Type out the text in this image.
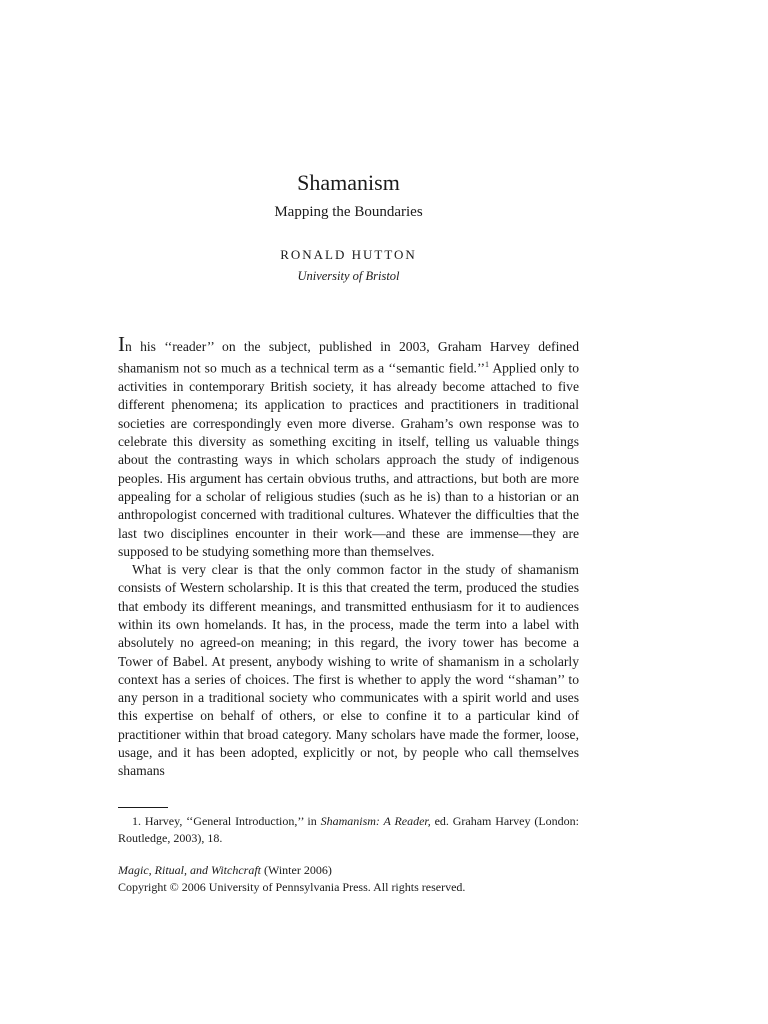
Shamanism
Mapping the Boundaries
RONALD HUTTON
University of Bristol

In his ‘‘reader’’ on the subject, published in 2003, Graham Harvey defined shamanism not so much as a technical term as a ‘‘semantic field.’’$^1$ Applied only to activities in contemporary British society, it has already become attached to five different phenomena; its application to practices and practitioners in traditional societies are correspondingly even more diverse. Graham’s own response was to celebrate this diversity as something exciting in itself, telling us valuable things about the contrasting ways in which scholars approach the study of indigenous peoples. His argument has certain obvious truths, and attractions, but both are more appealing for a scholar of religious studies (such as he is) than to a historian or an anthropologist concerned with traditional cultures. Whatever the difficulties that the last two disciplines encounter in their work—and these are immense—they are supposed to be studying something more than themselves.

What is very clear is that the only common factor in the study of shamanism consists of Western scholarship. It is this that created the term, produced the studies that embody its different meanings, and transmitted enthusiasm for it to audiences within its own homelands. It has, in the process, made the term into a label with absolutely no agreed-on meaning; in this regard, the ivory tower has become a Tower of Babel. At present, anybody wishing to write of shamanism in a scholarly context has a series of choices. The first is whether to apply the word ‘‘shaman’’ to any person in a traditional society who communicates with a spirit world and uses this expertise on behalf of others, or else to confine it to a particular kind of practitioner within that broad category. Many scholars have made the former, loose, usage, and it has been adopted, explicitly or not, by people who call themselves shamans

1. Harvey, ‘‘General Introduction,’’ in Shamanism: A Reader, ed. Graham Harvey (London: Routledge, 2003), 18.
Magic, Ritual, and Witchcraft (Winter 2006)
Copyright © 2006 University of Pennsylvania Press. All rights reserved.
